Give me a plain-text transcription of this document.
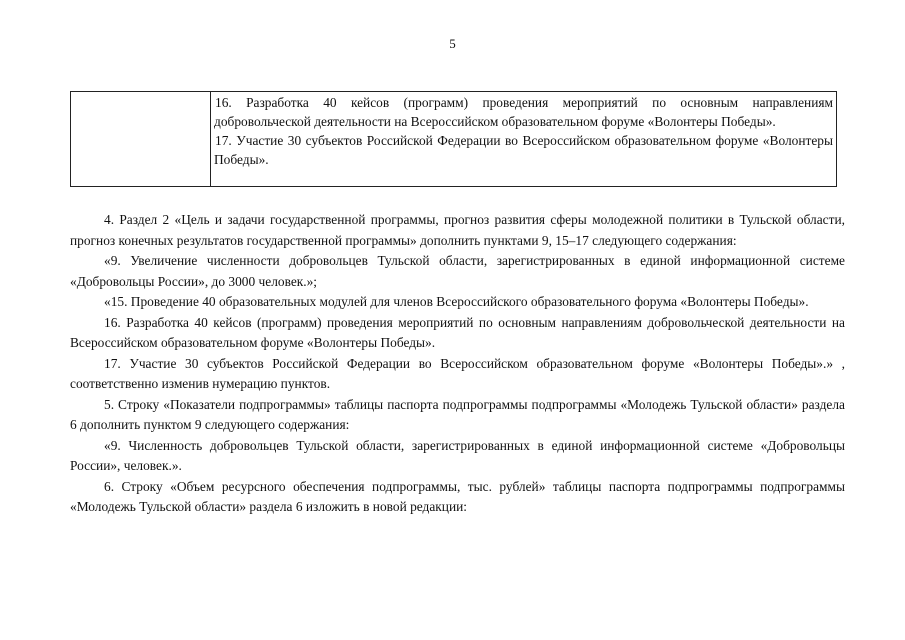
5

16. Разработка 40 кейсов (программ) проведения мероприятий по основным направлениям добровольческой деятельности на Всероссийском образовательном форуме «Волонтеры Победы».

17. Участие 30 субъектов Российской Федерации во Всероссийском образовательном форуме «Волонтеры Победы».

4. Раздел 2 «Цель и задачи государственной программы, прогноз развития сферы молодежной политики в Тульской области, прогноз конечных результатов государственной программы» дополнить пунктами 9, 15–17 следующего содержания:

«9. Увеличение численности добровольцев Тульской области, зарегистрированных в единой информационной системе «Добровольцы России», до 3000 человек.»;

«15. Проведение 40 образовательных модулей для членов Всероссийского образовательного форума «Волонтеры Победы».

16. Разработка 40 кейсов (программ) проведения мероприятий по основным направлениям добровольческой деятельности на Всероссийском образовательном форуме «Волонтеры Победы».

17. Участие 30 субъектов Российской Федерации во Всероссийском образовательном форуме «Волонтеры Победы».» , соответственно изменив нумерацию пунктов.

5. Строку «Показатели подпрограммы» таблицы паспорта подпрограммы подпрограммы «Молодежь Тульской области» раздела 6 дополнить пунктом 9 следующего содержания:

«9. Численность добровольцев Тульской области, зарегистрированных в единой информационной системе «Добровольцы России», человек.».

6. Строку «Объем ресурсного обеспечения подпрограммы, тыс. рублей» таблицы паспорта подпрограммы подпрограммы «Молодежь Тульской области» раздела 6 изложить в новой редакции:
